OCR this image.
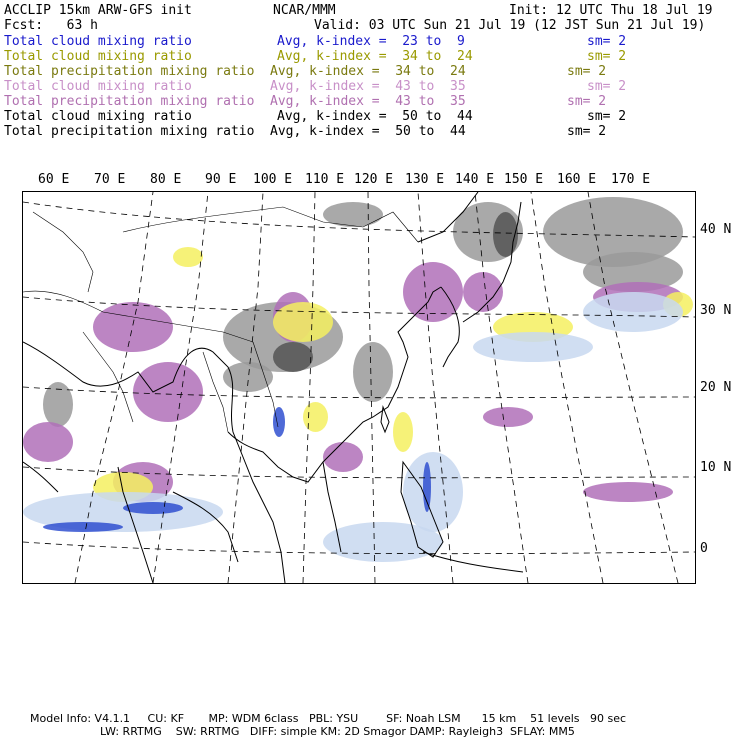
ACCLIP 15km ARW-GFS init	NCAR/MMM	Init: 12 UTC Thu 18 Jul 19
Fcst:   63 h	Valid: 03 UTC Sun 21 Jul 19 (12 JST Sun 21 Jul 19)
Total cloud mixing ratio	Avg, k-index =  23 to  9	sm= 2
Total cloud mixing ratio	Avg, k-index =  34 to  24	sm= 2
Total precipitation mixing ratio Avg, k-index =  34 to  24	sm= 2
Total cloud mixing ratio	Avg, k-index =  43 to  35	sm= 2
Total precipitation mixing ratio Avg, k-index =  43 to  35	sm= 2
Total cloud mixing ratio	Avg, k-index =  50 to  44	sm= 2
Total precipitation mixing ratio Avg, k-index =  50 to  44	sm= 2
60 E 70 E 80 E 90 E 100 E 110 E 120 E 130 E 140 E 150 E 160 E 170 E
40 N
30 N
20 N
10 N
0
Model Info: V4.1.1     CU: KF       MP: WDM 6class   PBL: YSU        SF: Noah LSM      15 km    51 levels   90 sec
LW: RRTMG    SW: RRTMG   DIFF: simple KM: 2D Smagor DAMP: Rayleigh3  SFLAY: MM5
